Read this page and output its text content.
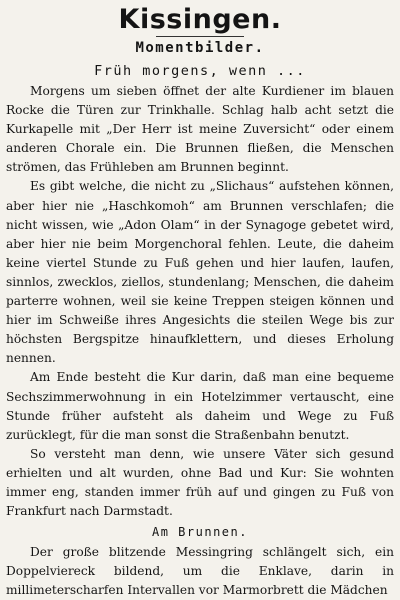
Kissingen.
Momentbilder.
Früh morgens, wenn ...

Morgens um sieben öffnet der alte Kurdiener im blauen Rocke die Türen zur Trinkhalle. Schlag halb acht setzt die Kurkapelle mit „Der Herr ist meine Zuversicht“ oder einem anderen Chorale ein. Die Brunnen fließen, die Menschen strömen, das Frühleben am Brunnen beginnt.

Es gibt welche, die nicht zu „Slichaus“ aufstehen können, aber hier nie „Haschkomoh“ am Brunnen verschlafen; die nicht wissen, wie „Adon Olam“ in der Synagoge gebetet wird, aber hier nie beim Morgenchoral fehlen. Leute, die daheim keine viertel Stunde zu Fuß gehen und hier laufen, laufen, sinnlos, zwecklos, ziellos, stundenlang; Menschen, die daheim parterre wohnen, weil sie keine Treppen steigen können und hier im Schweiße ihres Angesichts die steilen Wege bis zur höchsten Bergspitze hinaufklettern, und dieses Erholung nennen.

Am Ende besteht die Kur darin, daß man eine bequeme Sechszimmerwohnung in ein Hotelzimmer vertauscht, eine Stunde früher aufsteht als daheim und Wege zu Fuß zurücklegt, für die man sonst die Straßenbahn benutzt.

So versteht man denn, wie unsere Väter sich gesund erhielten und alt wurden, ohne Bad und Kur: Sie wohnten immer eng, standen immer früh auf und gingen zu Fuß von Frankfurt nach Darmstadt.

Am Brunnen.

Der große blitzende Messingring schlängelt sich, ein Doppelviereck bildend, um die Enklave, darin in millimeterscharfen Intervallen vor Marmorbrett die Mädchen
